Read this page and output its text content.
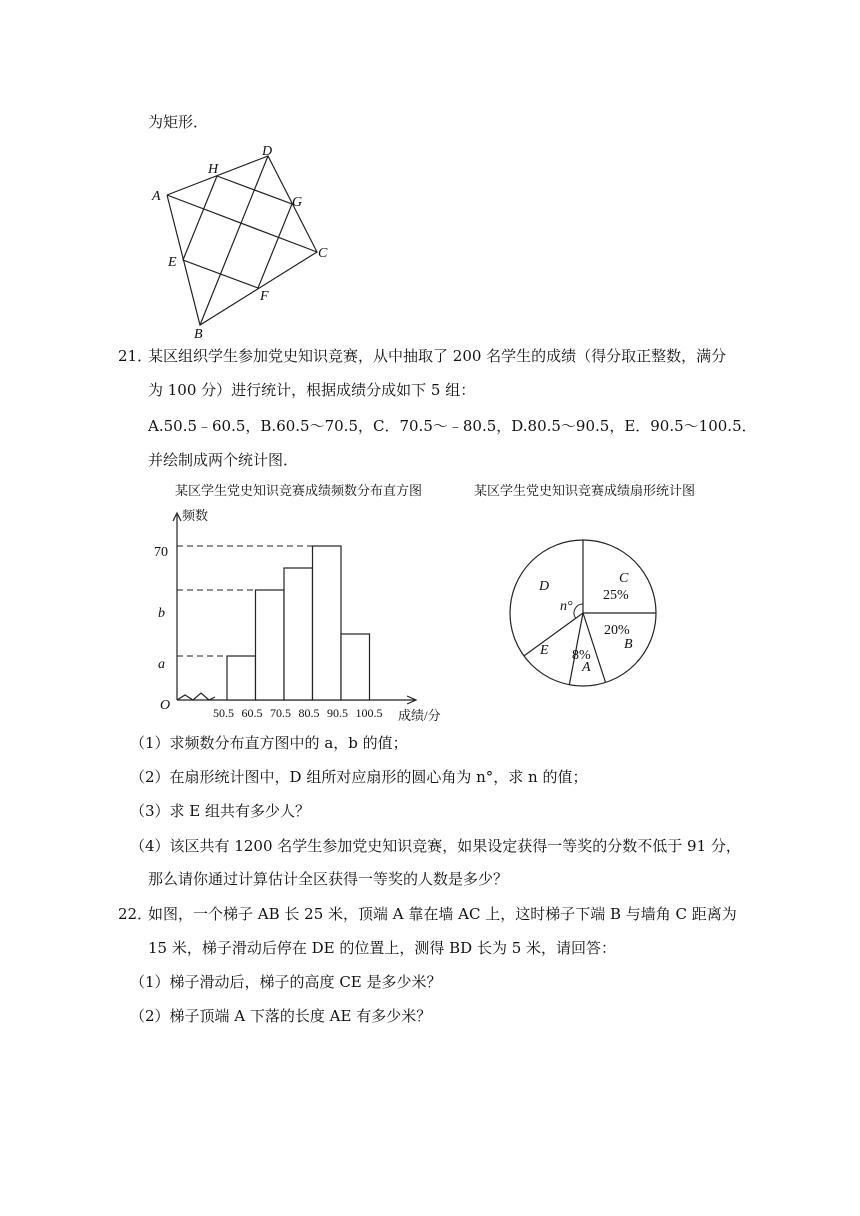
为矩形．
A
D
C
B
H
G
F
E
21．
某区组织学生参加党史知识竞赛，从中抽取了 200 名学生的成绩（得分取正整数，满分
为 100 分）进行统计，根据成绩分成如下 5 组：
A.50.5﹣60.5，B.60.5～70.5，C．70.5～﹣80.5，D.80.5～90.5，E．90.5～100.5．
并绘制成两个统计图．
某区学生党史知识竞赛成绩频数分布直方图	某区学生党史知识竞赛成绩扇形统计图
50.5 60.5 70.5 80.5 90.5 100.5
频数
成绩/分
O
a
b
70
C
25%
20%
B
8%
A
E
D
n°
（1）求频数分布直方图中的 a，b 的值；
（2）在扇形统计图中，D 组所对应扇形的圆心角为 n°，求 n 的值；
（3）求 E 组共有多少人？
（4）该区共有 1200 名学生参加党史知识竞赛，如果设定获得一等奖的分数不低于 91 分，
那么请你通过计算估计全区获得一等奖的人数是多少？
22．
如图，一个梯子 AB 长 25 米，顶端 A 靠在墙 AC 上，这时梯子下端 B 与墙角 C 距离为
15 米，梯子滑动后停在 DE 的位置上，测得 BD 长为 5 米，请回答：
（1）梯子滑动后，梯子的高度 CE 是多少米？
（2）梯子顶端 A 下落的长度 AE 有多少米？
